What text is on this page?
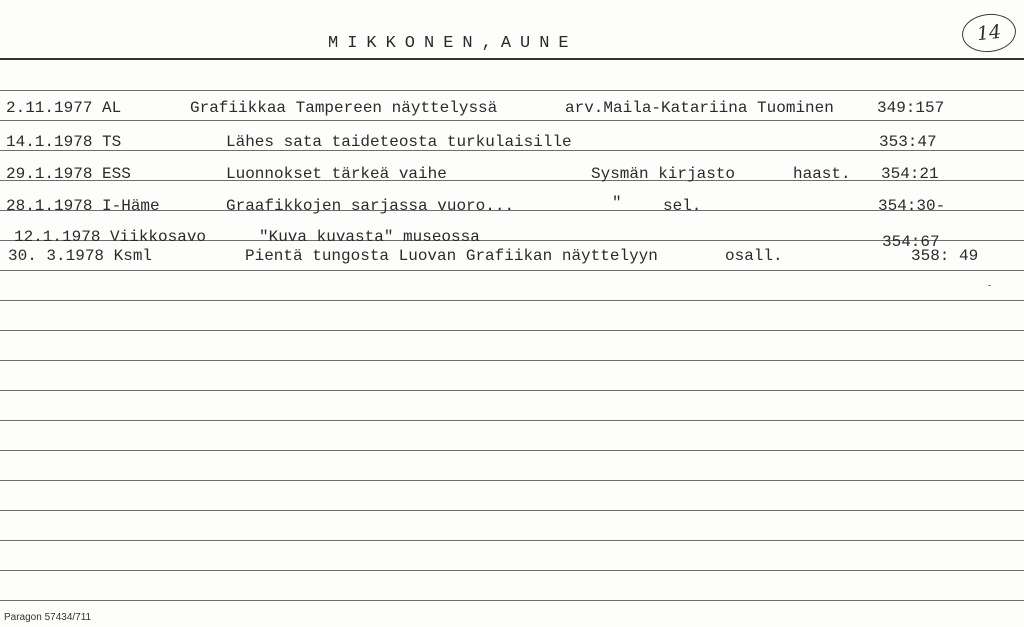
MIKKONEN,AUNE	14
2.11.1977 AL	Grafiikkaa Tampereen näyttelyssä	arv.Maila-Katariina Tuominen	349:157
14.1.1978 TS	Lähes sata taideteosta turkulaisille	353:47
29.1.1978 ESS	Luonnokset tärkeä vaihe	Sysmän kirjasto	haast. 354:21
28.1.1978 I-Häme	Graafikkojen sarjassa vuoro...	"	sel.	354:30-
12.1.1978 Viikkosavo	"Kuva kuvasta" museossa	354:67
30. 3.1978 Ksml	Pientä tungosta Luovan Grafiikan näyttelyyn	osall.	358: 49
Paragon 57434/711
